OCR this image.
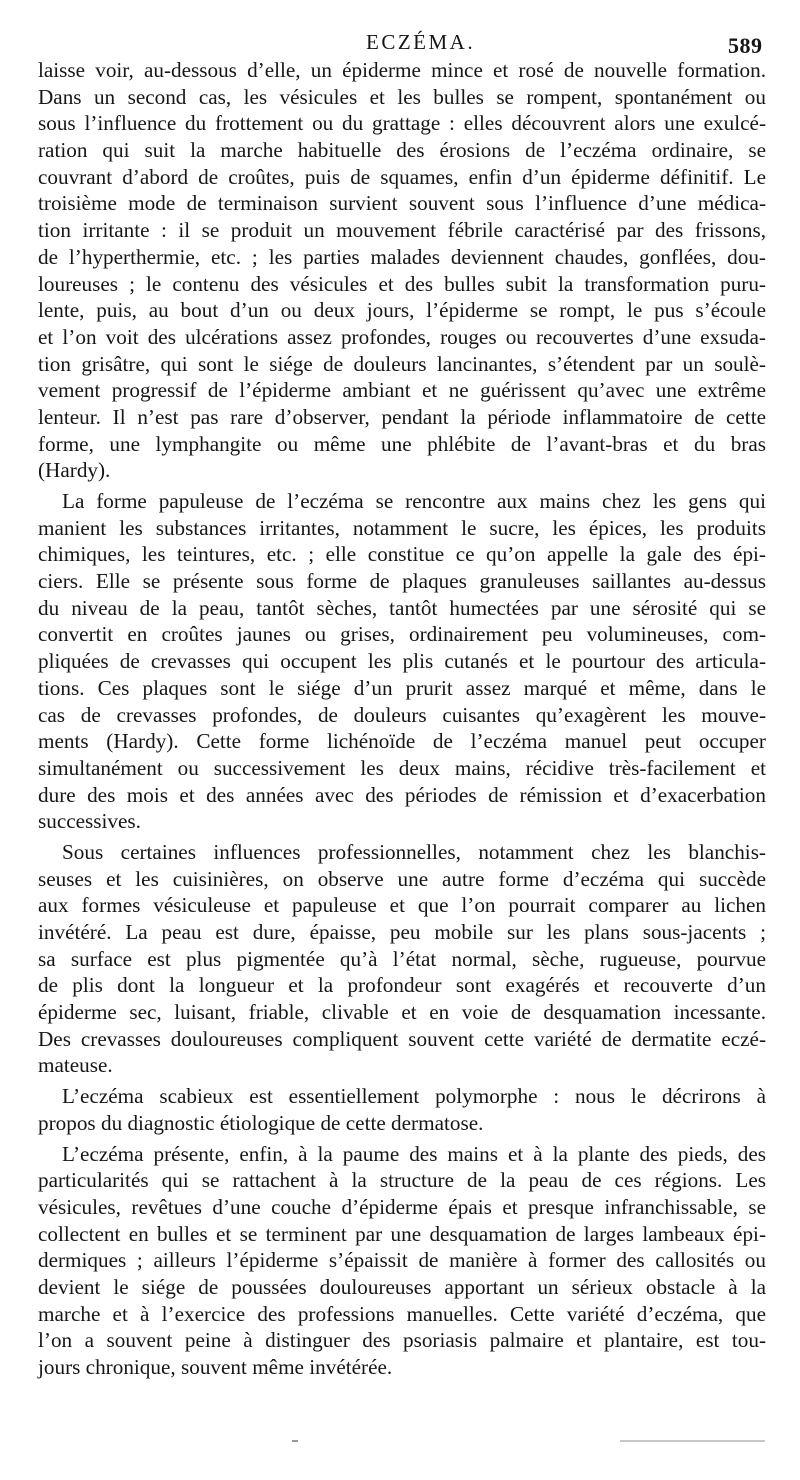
ECZÉMA.	589
laisse voir, au-dessous d’elle, un épiderme mince et rosé de nouvelle formation.
Dans un second cas, les vésicules et les bulles se rompent, spontanément ou
sous l’influence du frottement ou du grattage : elles découvrent alors une exulcé-
ration qui suit la marche habituelle des érosions de l’eczéma ordinaire, se
couvrant d’abord de croûtes, puis de squames, enfin d’un épiderme définitif. Le
troisième mode de terminaison survient souvent sous l’influence d’une médica-
tion irritante : il se produit un mouvement fébrile caractérisé par des frissons,
de l’hyperthermie, etc. ; les parties malades deviennent chaudes, gonflées, dou-
loureuses ; le contenu des vésicules et des bulles subit la transformation puru-
lente, puis, au bout d’un ou deux jours, l’épiderme se rompt, le pus s’écoule
et l’on voit des ulcérations assez profondes, rouges ou recouvertes d’une exsuda-
tion grisâtre, qui sont le siége de douleurs lancinantes, s’étendent par un soulè-
vement progressif de l’épiderme ambiant et ne guérissent qu’avec une extrême
lenteur. Il n’est pas rare d’observer, pendant la période inflammatoire de cette
forme, une lymphangite ou même une phlébite de l’avant-bras et du bras
(Hardy).
La forme papuleuse de l’eczéma se rencontre aux mains chez les gens qui
manient les substances irritantes, notamment le sucre, les épices, les produits
chimiques, les teintures, etc. ; elle constitue ce qu’on appelle la gale des épi-
ciers. Elle se présente sous forme de plaques granuleuses saillantes au-dessus
du niveau de la peau, tantôt sèches, tantôt humectées par une sérosité qui se
convertit en croûtes jaunes ou grises, ordinairement peu volumineuses, com-
pliquées de crevasses qui occupent les plis cutanés et le pourtour des articula-
tions. Ces plaques sont le siége d’un prurit assez marqué et même, dans le
cas de crevasses profondes, de douleurs cuisantes qu’exagèrent les mouve-
ments (Hardy). Cette forme lichénoïde de l’eczéma manuel peut occuper
simultanément ou successivement les deux mains, récidive très-facilement et
dure des mois et des années avec des périodes de rémission et d’exacerbation
successives.
Sous certaines influences professionnelles, notamment chez les blanchis-
seuses et les cuisinières, on observe une autre forme d’eczéma qui succède
aux formes vésiculeuse et papuleuse et que l’on pourrait comparer au lichen
invétéré. La peau est dure, épaisse, peu mobile sur les plans sous-jacents ;
sa surface est plus pigmentée qu’à l’état normal, sèche, rugueuse, pourvue
de plis dont la longueur et la profondeur sont exagérés et recouverte d’un
épiderme sec, luisant, friable, clivable et en voie de desquamation incessante.
Des crevasses douloureuses compliquent souvent cette variété de dermatite eczé-
mateuse.
L’eczéma scabieux est essentiellement polymorphe : nous le décrirons à
propos du diagnostic étiologique de cette dermatose.
L’eczéma présente, enfin, à la paume des mains et à la plante des pieds, des
particularités qui se rattachent à la structure de la peau de ces régions. Les
vésicules, revêtues d’une couche d’épiderme épais et presque infranchissable, se
collectent en bulles et se terminent par une desquamation de larges lambeaux épi-
dermiques ; ailleurs l’épiderme s’épaissit de manière à former des callosités ou
devient le siége de poussées douloureuses apportant un sérieux obstacle à la
marche et à l’exercice des professions manuelles. Cette variété d’eczéma, que
l’on a souvent peine à distinguer des psoriasis palmaire et plantaire, est tou-
jours chronique, souvent même invétérée.
